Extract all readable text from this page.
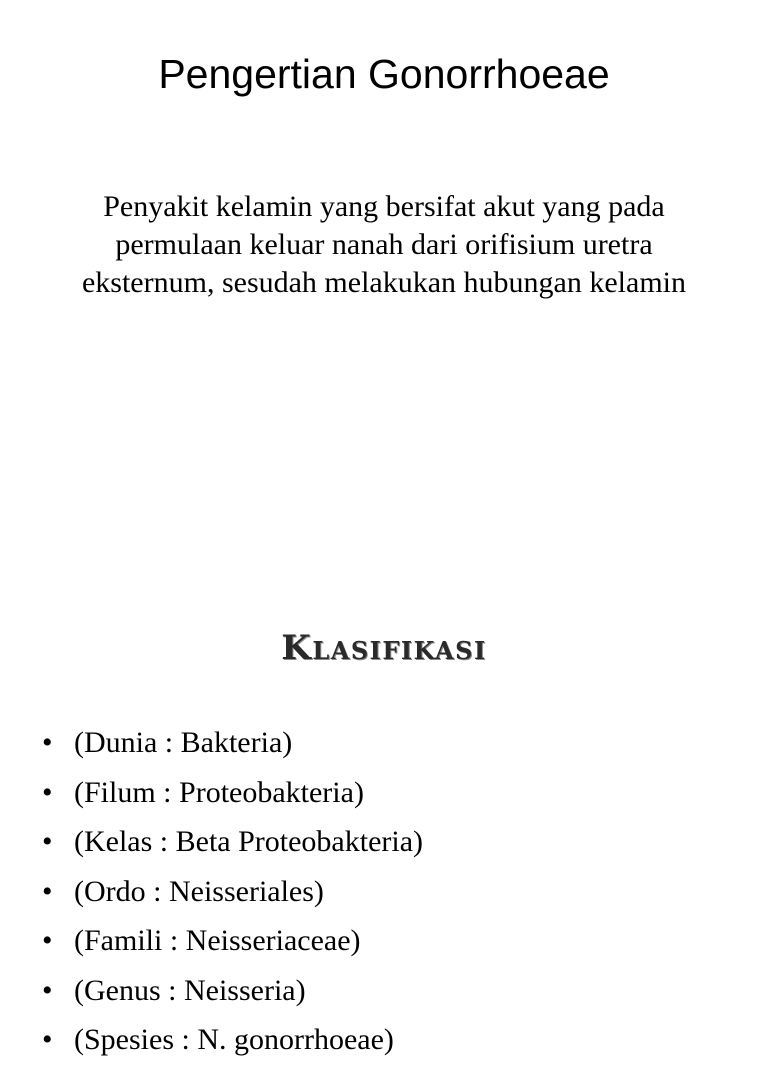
Pengertian Gonorrhoeae

Penyakit kelamin yang bersifat akut yang pada permulaan keluar nanah dari orifisium uretra eksternum, sesudah melakukan hubungan kelamin

Klasifikasi
• (Dunia : Bakteria)
• (Filum : Proteobakteria)
• (Kelas : Beta Proteobakteria)
• (Ordo : Neisseriales)
• (Famili : Neisseriaceae)
• (Genus : Neisseria)
• (Spesies : N. gonorrhoeae)
